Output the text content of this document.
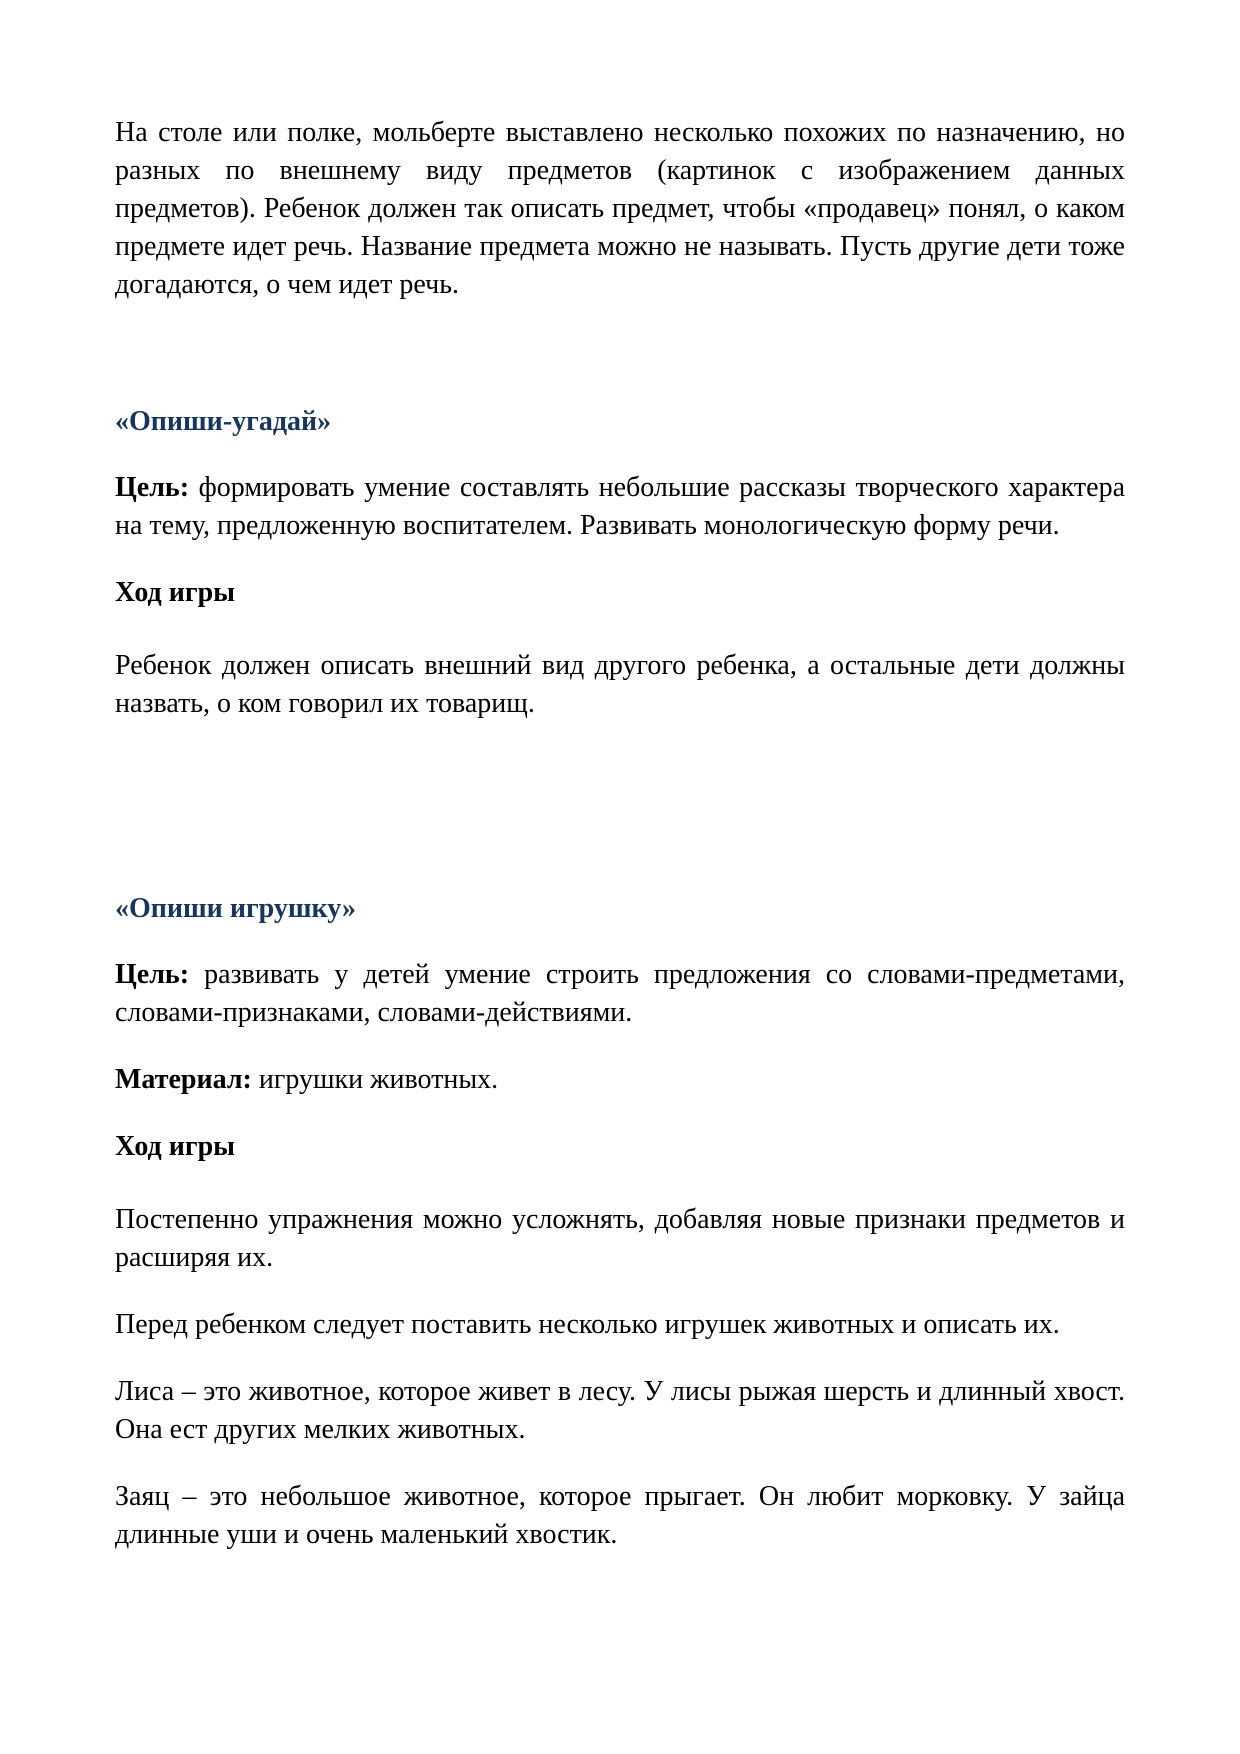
На столе или полке, мольберте выставлено несколько похожих по назначению, но разных по внешнему виду предметов (картинок с изображением данных предметов). Ребенок должен так описать предмет, чтобы «продавец» понял, о каком предмете идет речь. Название предмета можно не называть. Пусть другие дети тоже догадаются, о чем идет речь.

«Опиши-угадай»

Цель: формировать умение составлять небольшие рассказы творческого характера на тему, предложенную воспитателем. Развивать монологическую форму речи.

Ход игры

Ребенок должен описать внешний вид другого ребенка, а остальные дети должны назвать, о ком говорил их товарищ.

«Опиши игрушку»

Цель: развивать у детей умение строить предложения со словами-предметами, словами-признаками, словами-действиями.

Материал: игрушки животных.

Ход игры

Постепенно упражнения можно усложнять, добавляя новые признаки предметов и расширяя их.

Перед ребенком следует поставить несколько игрушек животных и описать их.

Лиса – это животное, которое живет в лесу. У лисы рыжая шерсть и длинный хвост. Она ест других мелких животных.

Заяц – это небольшое животное, которое прыгает. Он любит морковку. У зайца длинные уши и очень маленький хвостик.
